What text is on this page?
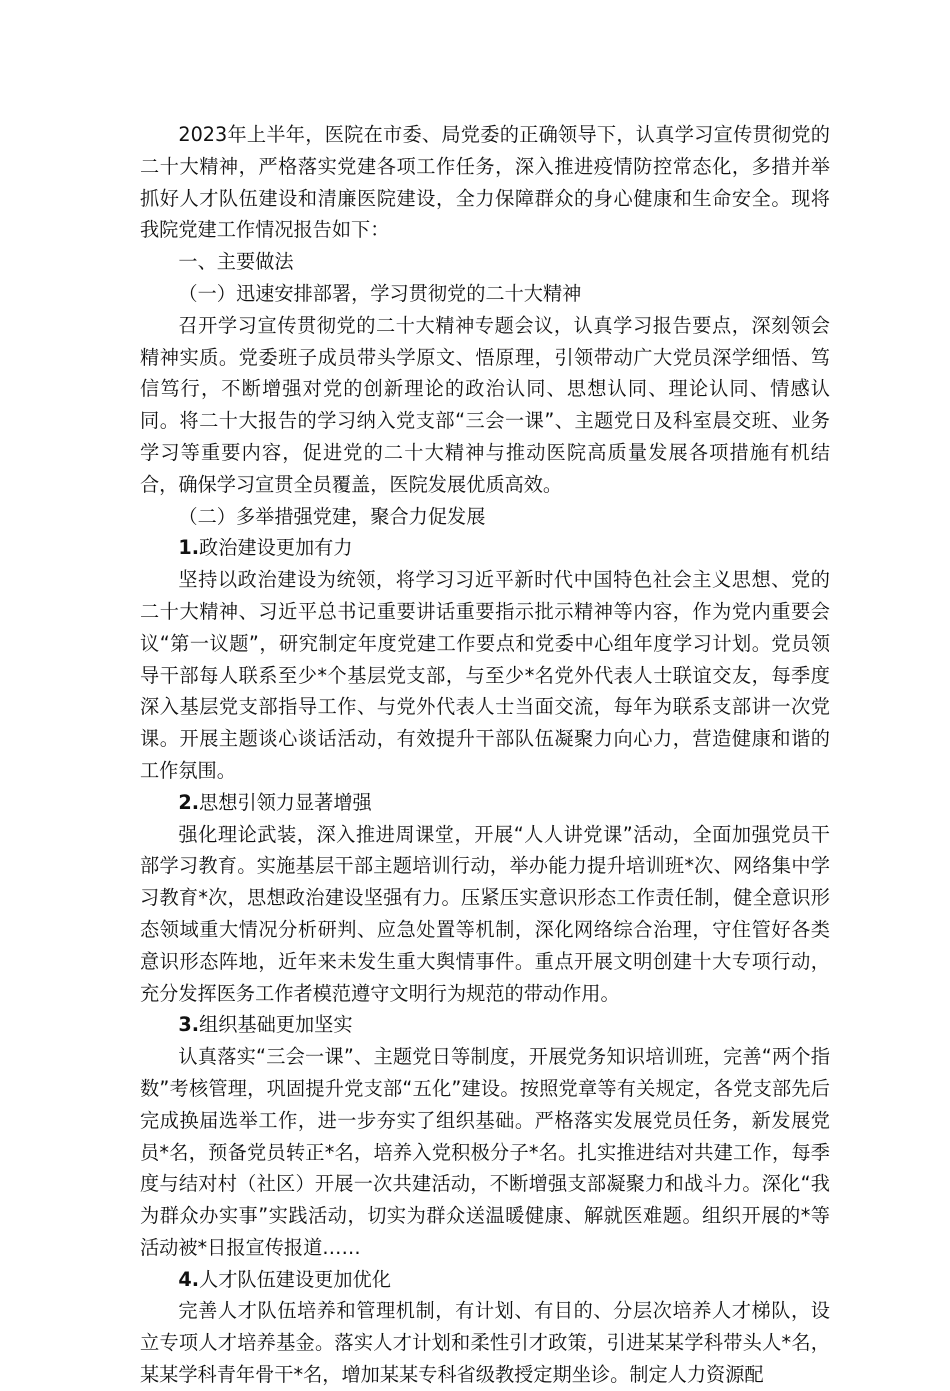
2023年上半年，医院在市委、局党委的正确领导下，认真学习宣传贯彻党的二十大精神，严格落实党建各项工作任务，深入推进疫情防控常态化，多措并举抓好人才队伍建设和清廉医院建设，全力保障群众的身心健康和生命安全。现将我院党建工作情况报告如下：

一、主要做法

（一）迅速安排部署，学习贯彻党的二十大精神

召开学习宣传贯彻党的二十大精神专题会议，认真学习报告要点，深刻领会精神实质。党委班子成员带头学原文、悟原理，引领带动广大党员深学细悟、笃信笃行，不断增强对党的创新理论的政治认同、思想认同、理论认同、情感认同。将二十大报告的学习纳入党支部“三会一课”、主题党日及科室晨交班、业务学习等重要内容，促进党的二十大精神与推动医院高质量发展各项措施有机结合，确保学习宣贯全员覆盖，医院发展优质高效。

（二）多举措强党建，聚合力促发展

1.政治建设更加有力

坚持以政治建设为统领，将学习习近平新时代中国特色社会主义思想、党的二十大精神、习近平总书记重要讲话重要指示批示精神等内容，作为党内重要会议“第一议题”，研究制定年度党建工作要点和党委中心组年度学习计划。党员领导干部每人联系至少*个基层党支部，与至少*名党外代表人士联谊交友，每季度深入基层党支部指导工作、与党外代表人士当面交流，每年为联系支部讲一次党课。开展主题谈心谈话活动，有效提升干部队伍凝聚力向心力，营造健康和谐的工作氛围。

2.思想引领力显著增强

强化理论武装，深入推进周课堂，开展“人人讲党课”活动，全面加强党员干部学习教育。实施基层干部主题培训行动，举办能力提升培训班*次、网络集中学习教育*次，思想政治建设坚强有力。压紧压实意识形态工作责任制，健全意识形态领域重大情况分析研判、应急处置等机制，深化网络综合治理，守住管好各类意识形态阵地，近年来未发生重大舆情事件。重点开展文明创建十大专项行动，充分发挥医务工作者模范遵守文明行为规范的带动作用。

3.组织基础更加坚实

认真落实“三会一课”、主题党日等制度，开展党务知识培训班，完善“两个指数”考核管理，巩固提升党支部“五化”建设。按照党章等有关规定，各党支部先后完成换届选举工作，进一步夯实了组织基础。严格落实发展党员任务，新发展党员*名，预备党员转正*名，培养入党积极分子*名。扎实推进结对共建工作，每季度与结对村（社区）开展一次共建活动，不断增强支部凝聚力和战斗力。深化“我为群众办实事”实践活动，切实为群众送温暖健康、解就医难题。组织开展的*等活动被*日报宣传报道……

4.人才队伍建设更加优化

完善人才队伍培养和管理机制，有计划、有目的、分层次培养人才梯队，设立专项人才培养基金。落实人才计划和柔性引才政策，引进某某学科带头人*名，某某学科青年骨干*名，增加某某专科省级教授定期坐诊。制定人力资源配
